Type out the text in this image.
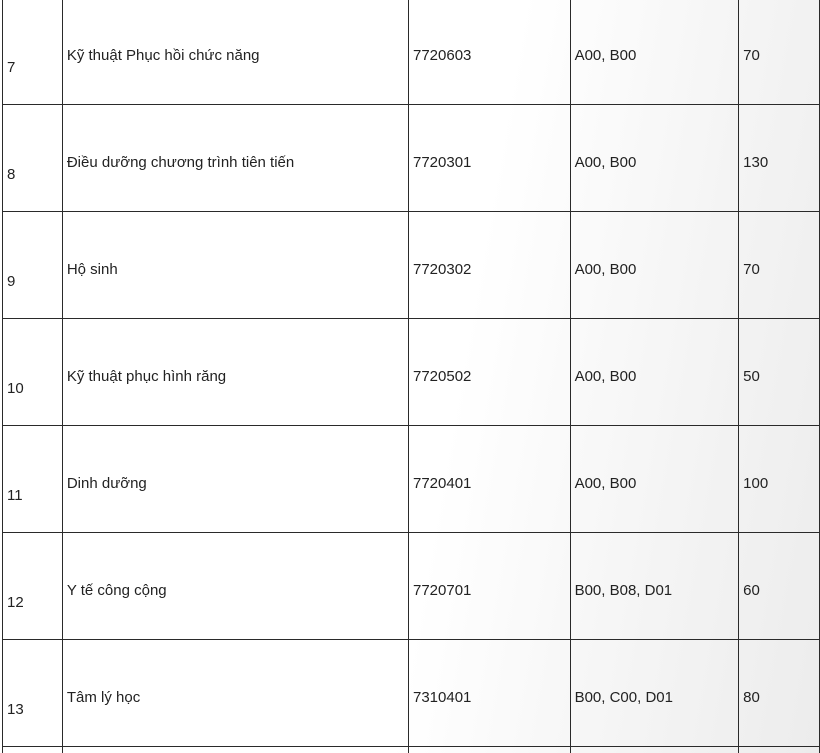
7	Kỹ thuật Phục hồi chức năng	7720603	A00, B00	70

8	Điều dưỡng chương trình tiên tiến	7720301	A00, B00	130

9	Hộ sinh	7720302	A00, B00	70

10	Kỹ thuật phục hình răng	7720502	A00, B00	50

11	Dinh dưỡng	7720401	A00, B00	100

12	Y tế công cộng	7720701	B00, B08, D01	60

13	Tâm lý học	7310401	B00, C00, D01	80
